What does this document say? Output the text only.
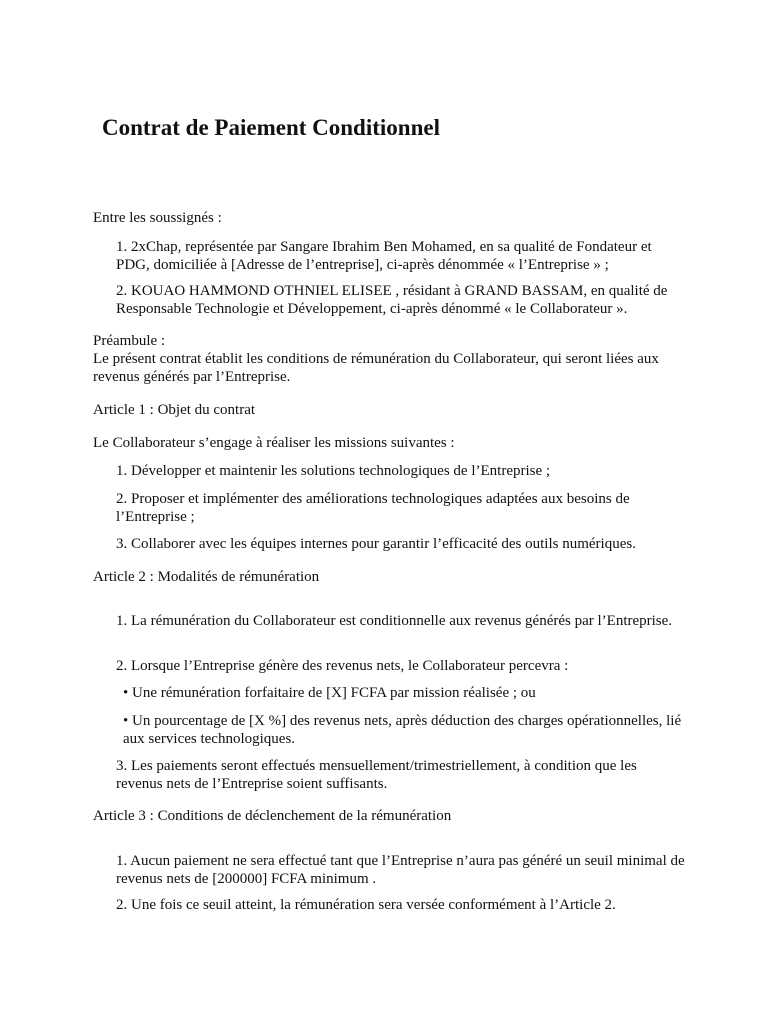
Contrat de Paiement Conditionnel

Entre les soussignés :

1. 2xChap, représentée par Sangare Ibrahim Ben Mohamed, en sa qualité de Fondateur et PDG, domiciliée à [Adresse de l’entreprise], ci-après dénommée « l’Entreprise » ;

2. KOUAO HAMMOND OTHNIEL ELISEE , résidant à GRAND BASSAM, en qualité de Responsable Technologie et Développement, ci-après dénommé « le Collaborateur ».

Préambule :

Le présent contrat établit les conditions de rémunération du Collaborateur, qui seront liées aux revenus générés par l’Entreprise.

Article 1 : Objet du contrat

Le Collaborateur s’engage à réaliser les missions suivantes :

1. Développer et maintenir les solutions technologiques de l’Entreprise ;

2. Proposer et implémenter des améliorations technologiques adaptées aux besoins de l’Entreprise ;

3. Collaborer avec les équipes internes pour garantir l’efficacité des outils numériques.

Article 2 : Modalités de rémunération

1. La rémunération du Collaborateur est conditionnelle aux revenus générés par l’Entreprise.

2. Lorsque l’Entreprise génère des revenus nets, le Collaborateur percevra :

• Une rémunération forfaitaire de [X] FCFA par mission réalisée ; ou

• Un pourcentage de [X %] des revenus nets, après déduction des charges opérationnelles, lié aux services technologiques.

3. Les paiements seront effectués mensuellement/trimestriellement, à condition que les revenus nets de l’Entreprise soient suffisants.

Article 3 : Conditions de déclenchement de la rémunération

1. Aucun paiement ne sera effectué tant que l’Entreprise n’aura pas généré un seuil minimal de revenus nets de [200000] FCFA minimum .

2. Une fois ce seuil atteint, la rémunération sera versée conformément à l’Article 2.
